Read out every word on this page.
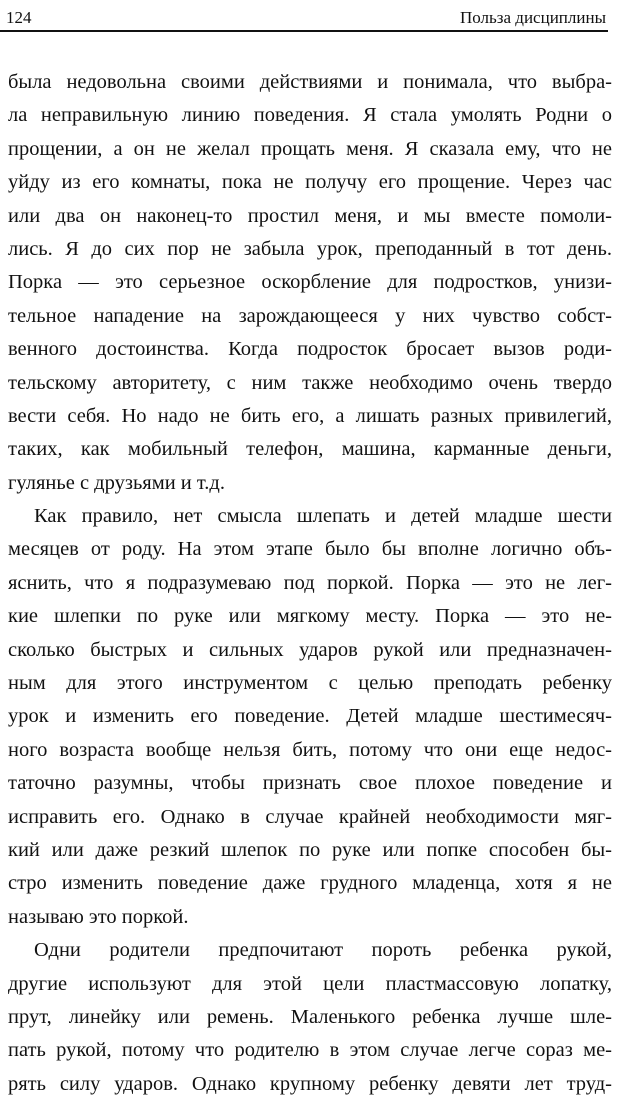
124	Польза дисциплины
была недовольна своими действиями и понимала, что выбра-
ла неправильную линию поведения. Я стала умолять Родни о
прощении, а он не желал прощать меня. Я сказала ему, что не
уйду из его комнаты, пока не получу его прощение. Через час
или два он наконец-то простил меня, и мы вместе помоли-
лись. Я до сих пор не забыла урок, преподанный в тот день.
Порка — это серьезное оскорбление для подростков, унизи-
тельное нападение на зарождающееся у них чувство собст-
венного достоинства. Когда подросток бросает вызов роди-
тельскому авторитету, с ним также необходимо очень твердо
вести себя. Но надо не бить его, а лишать разных привилегий,
таких, как мобильный телефон, машина, карманные деньги,
гулянье с друзьями и т.д.
Как правило, нет смысла шлепать и детей младше шести
месяцев от роду. На этом этапе было бы вполне логично объ-
яснить, что я подразумеваю под поркой. Порка — это не лег-
кие шлепки по руке или мягкому месту. Порка — это не-
сколько быстрых и сильных ударов рукой или предназначен-
ным для этого инструментом с целью преподать ребенку
урок и изменить его поведение. Детей младше шестимесяч-
ного возраста вообще нельзя бить, потому что они еще недос-
таточно разумны, чтобы признать свое плохое поведение и
исправить его. Однако в случае крайней необходимости мяг-
кий или даже резкий шлепок по руке или попке способен бы-
стро изменить поведение даже грудного младенца, хотя я не
называю это поркой.
Одни родители предпочитают пороть ребенка рукой,
другие используют для этой цели пластмассовую лопатку,
прут, линейку или ремень. Маленького ребенка лучше шле-
пать рукой, потому что родителю в этом случае легче сораз ме-
рять силу ударов. Однако крупному ребенку девяти лет труд-
